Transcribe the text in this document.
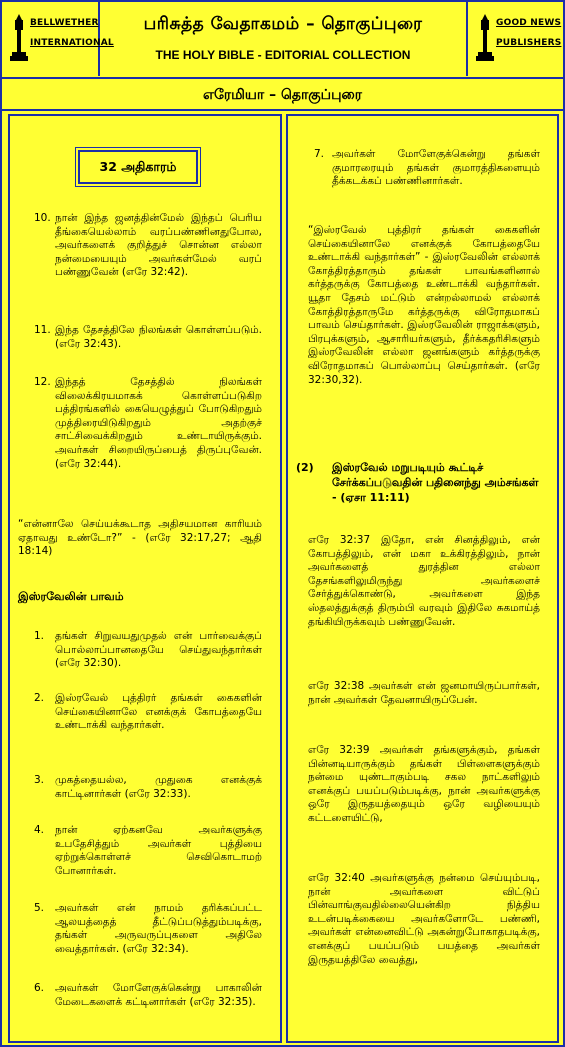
BELLWETHER
INTERNATIONAL
பரிசுத்த வேதாகமம் – தொகுப்புரை
THE HOLY BIBLE - EDITORIAL COLLECTION
GOOD NEWS
PUBLISHERS
எரேமியா – தொகுப்புரை
32 அதிகாரம்
10. நான் இந்த ஜனத்தின்மேல் இந்தப் பெரிய தீங்கையெல்லாம் வரப்பண்ணினதுபோல, அவர்களைக் குறித்துச் சொன்ன எல்லா நன்மையையும் அவர்கள்மேல் வரப் பண்ணுவேன் (எரே 32:42).
11. இந்த தேசத்திலே நிலங்கள் கொள்ளப்படும். (எரே 32:43).
12. இந்தத் தேசத்தில் நிலங்கள் விலைக்கிரயமாகக் கொள்ளப்படுகிற பத்திரங்களில் கையெழுத்துப் போடுகிறதும் முத்திரையிடுகிறதும் அதற்குச் சாட்சிவைக்கிறதும் உண்டாயிருக்கும். அவர்கள் சிறையிருப்பைத் திருப்புவேன். (எரே 32:44).
“என்னாலே செய்யக்கூடாத அதிசயமான காரியம் ஏதாவது உண்டோ?” - (எரே 32:17,27; ஆதி 18:14)
இஸ்ரவேலின் பாவம்
1. தங்கள் சிறுவயதுமுதல் என் பார்வைக்குப் பொல்லாப்பானதையே செய்துவந்தார்கள் (எரே 32:30).
2. இஸ்ரவேல் புத்திரர் தங்கள் கைகளின் செய்கையினாலே எனக்குக் கோபத்தையே உண்டாக்கி வந்தார்கள்.
3. முகத்தையல்ல, முதுகை எனக்குக் காட்டினார்கள் (எரே 32:33).
4. நான் ஏற்கனவே அவர்களுக்கு உபதேசித்தும் அவர்கள் புத்தியை ஏற்றுக்கொள்ளச் செவிகொடாமற் போனார்கள்.
5. அவர்கள் என் நாமம் தரிக்கப்பட்ட ஆலயத்தைத் தீட்டுப்படுத்தும்படிக்கு, தங்கள் அருவருப்புகளை அதிலே வைத்தார்கள். (எரே 32:34).
6. அவர்கள் மோளேகுக்கென்று பாகாலின் மேடைகளைக் கட்டினார்கள் (எரே 32:35).
7. அவர்கள் மோளேகுக்கென்று தங்கள் குமாரரையும் தங்கள் குமாரத்திகளையும் தீக்கடக்கப் பண்ணினார்கள்.
“இஸ்ரவேல் புத்திரர் தங்கள் கைகளின் செய்கையினாலே எனக்குக் கோபத்தையே உண்டாக்கி வந்தார்கள்” - இஸ்ரவேலின் எல்லாக் கோத்திரத்தாரும் தங்கள் பாவங்களினால் கர்த்தருக்கு கோபத்தை உண்டாக்கி வந்தார்கள். யூதா தேசம் மட்டும் என்றல்லாமல் எல்லாக் கோத்திரத்தாருமே கர்த்தருக்கு விரோதமாகப் பாவம் செய்தார்கள். இஸ்ரவேலின் ராஜாக்களும், பிரபுக்களும், ஆசாரியர்களும், தீர்க்கதரிசிகளும் இஸ்ரவேலின் எல்லா ஜனங்களும் கர்த்தருக்கு விரோதமாகப் பொல்லாப்பு செய்தார்கள். (எரே 32:30,32).
(2) இஸ்ரவேல் மறுபடியும் கூட்டிச் சேர்க்கப்படுவதின் பதினைந்து அம்சங்கள் - (ஏசா 11:11)
எரே 32:37 இதோ, என் சினத்திலும், என் கோபத்திலும், என் மகா உக்கிரத்திலும், நான் அவர்களைத் துரத்தின எல்லா தேசங்களிலுமிருந்து அவர்களைச் சேர்த்துக்கொண்டு, அவர்களை இந்த ஸ்தலத்துக்குத் திரும்பி வரவும் இதிலே சுகமாய்த் தங்கியிருக்கவும் பண்ணுவேன்.
எரே 32:38 அவர்கள் என் ஜனமாயிருப்பார்கள், நான் அவர்கள் தேவனாயிருப்பேன்.
எரே 32:39 அவர்கள் தங்களுக்கும், தங்கள் பின்னடியாருக்கும் தங்கள் பிள்ளைகளுக்கும் நன்மை யுண்டாகும்படி சகல நாட்களிலும் எனக்குப் பயப்படும்படிக்கு, நான் அவர்களுக்கு ஒரே இருதயத்தையும் ஒரே வழியையும் கட்டளையிட்டு,
எரே 32:40 அவர்களுக்கு நன்மை செய்யும்படி, நான் அவர்களை விட்டுப் பின்வாங்குவதில்லையென்கிற நித்திய உடன்படிக்கையை அவர்களோடே பண்ணி, அவர்கள் என்னைவிட்டு அகன்றுபோகாதபடிக்கு, எனக்குப் பயப்படும் பயத்தை அவர்கள் இருதயத்திலே வைத்து,
